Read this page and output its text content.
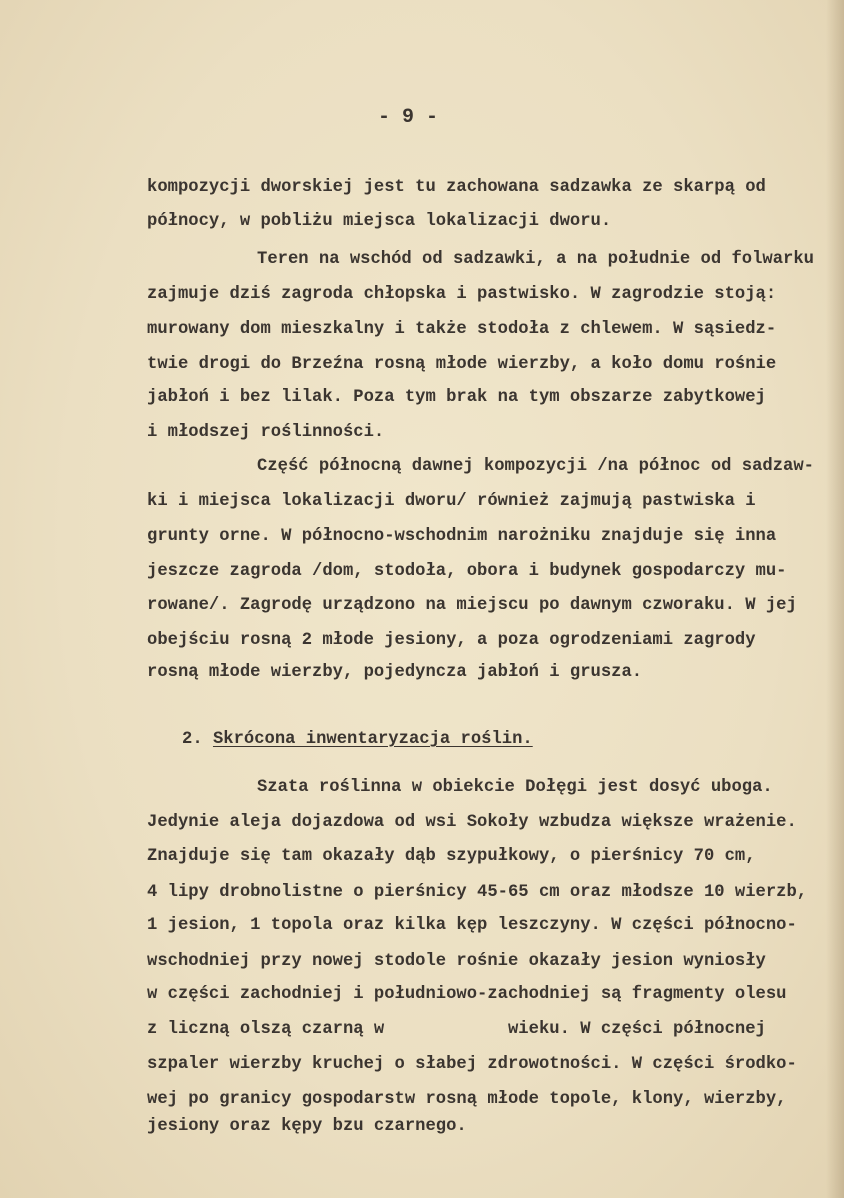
- 9 -
kompozycji dworskiej jest tu zachowana sadzawka ze skarpą od
północy, w pobliżu miejsca lokalizacji dworu.
Teren na wschód od sadzawki, a na południe od folwarku
zajmuje dziś zagroda chłopska i pastwisko. W zagrodzie stoją:
murowany dom mieszkalny i także stodoła z chlewem. W sąsiedz-
twie drogi do Brzeźna rosną młode wierzby, a koło domu rośnie
jabłoń i bez lilak. Poza tym brak na tym obszarze zabytkowej
i młodszej roślinności.
Część północną dawnej kompozycji /na północ od sadzaw-
ki i miejsca lokalizacji dworu/ również zajmują pastwiska i
grunty orne. W północno-wschodnim narożniku znajduje się inna
jeszcze zagroda /dom, stodoła, obora i budynek gospodarczy mu-
rowane/. Zagrodę urządzono na miejscu po dawnym czworaku. W jej
obejściu rosną 2 młode jesiony, a poza ogrodzeniami zagrody
rosną młode wierzby, pojedyncza jabłoń i grusza.
2. Skrócona inwentaryzacja roślin.
Szata roślinna w obiekcie Dołęgi jest dosyć uboga.
Jedynie aleja dojazdowa od wsi Sokoły wzbudza większe wrażenie.
Znajduje się tam okazały dąb szypułkowy, o pierśnicy 70 cm,
4 lipy drobnolistne o pierśnicy 45-65 cm oraz młodsze 10 wierzb,
1 jesion, 1 topola oraz kilka kęp leszczyny. W części północno-
wschodniej przy nowej stodole rośnie okazały jesion wyniosły
w części zachodniej i południowo-zachodniej są fragmenty olesu
z liczną olszą czarną w            wieku. W części północnej
szpaler wierzby kruchej o słabej zdrowotności. W części środko-
wej po granicy gospodarstw rosną młode topole, klony, wierzby,
jesiony oraz kępy bzu czarnego.
